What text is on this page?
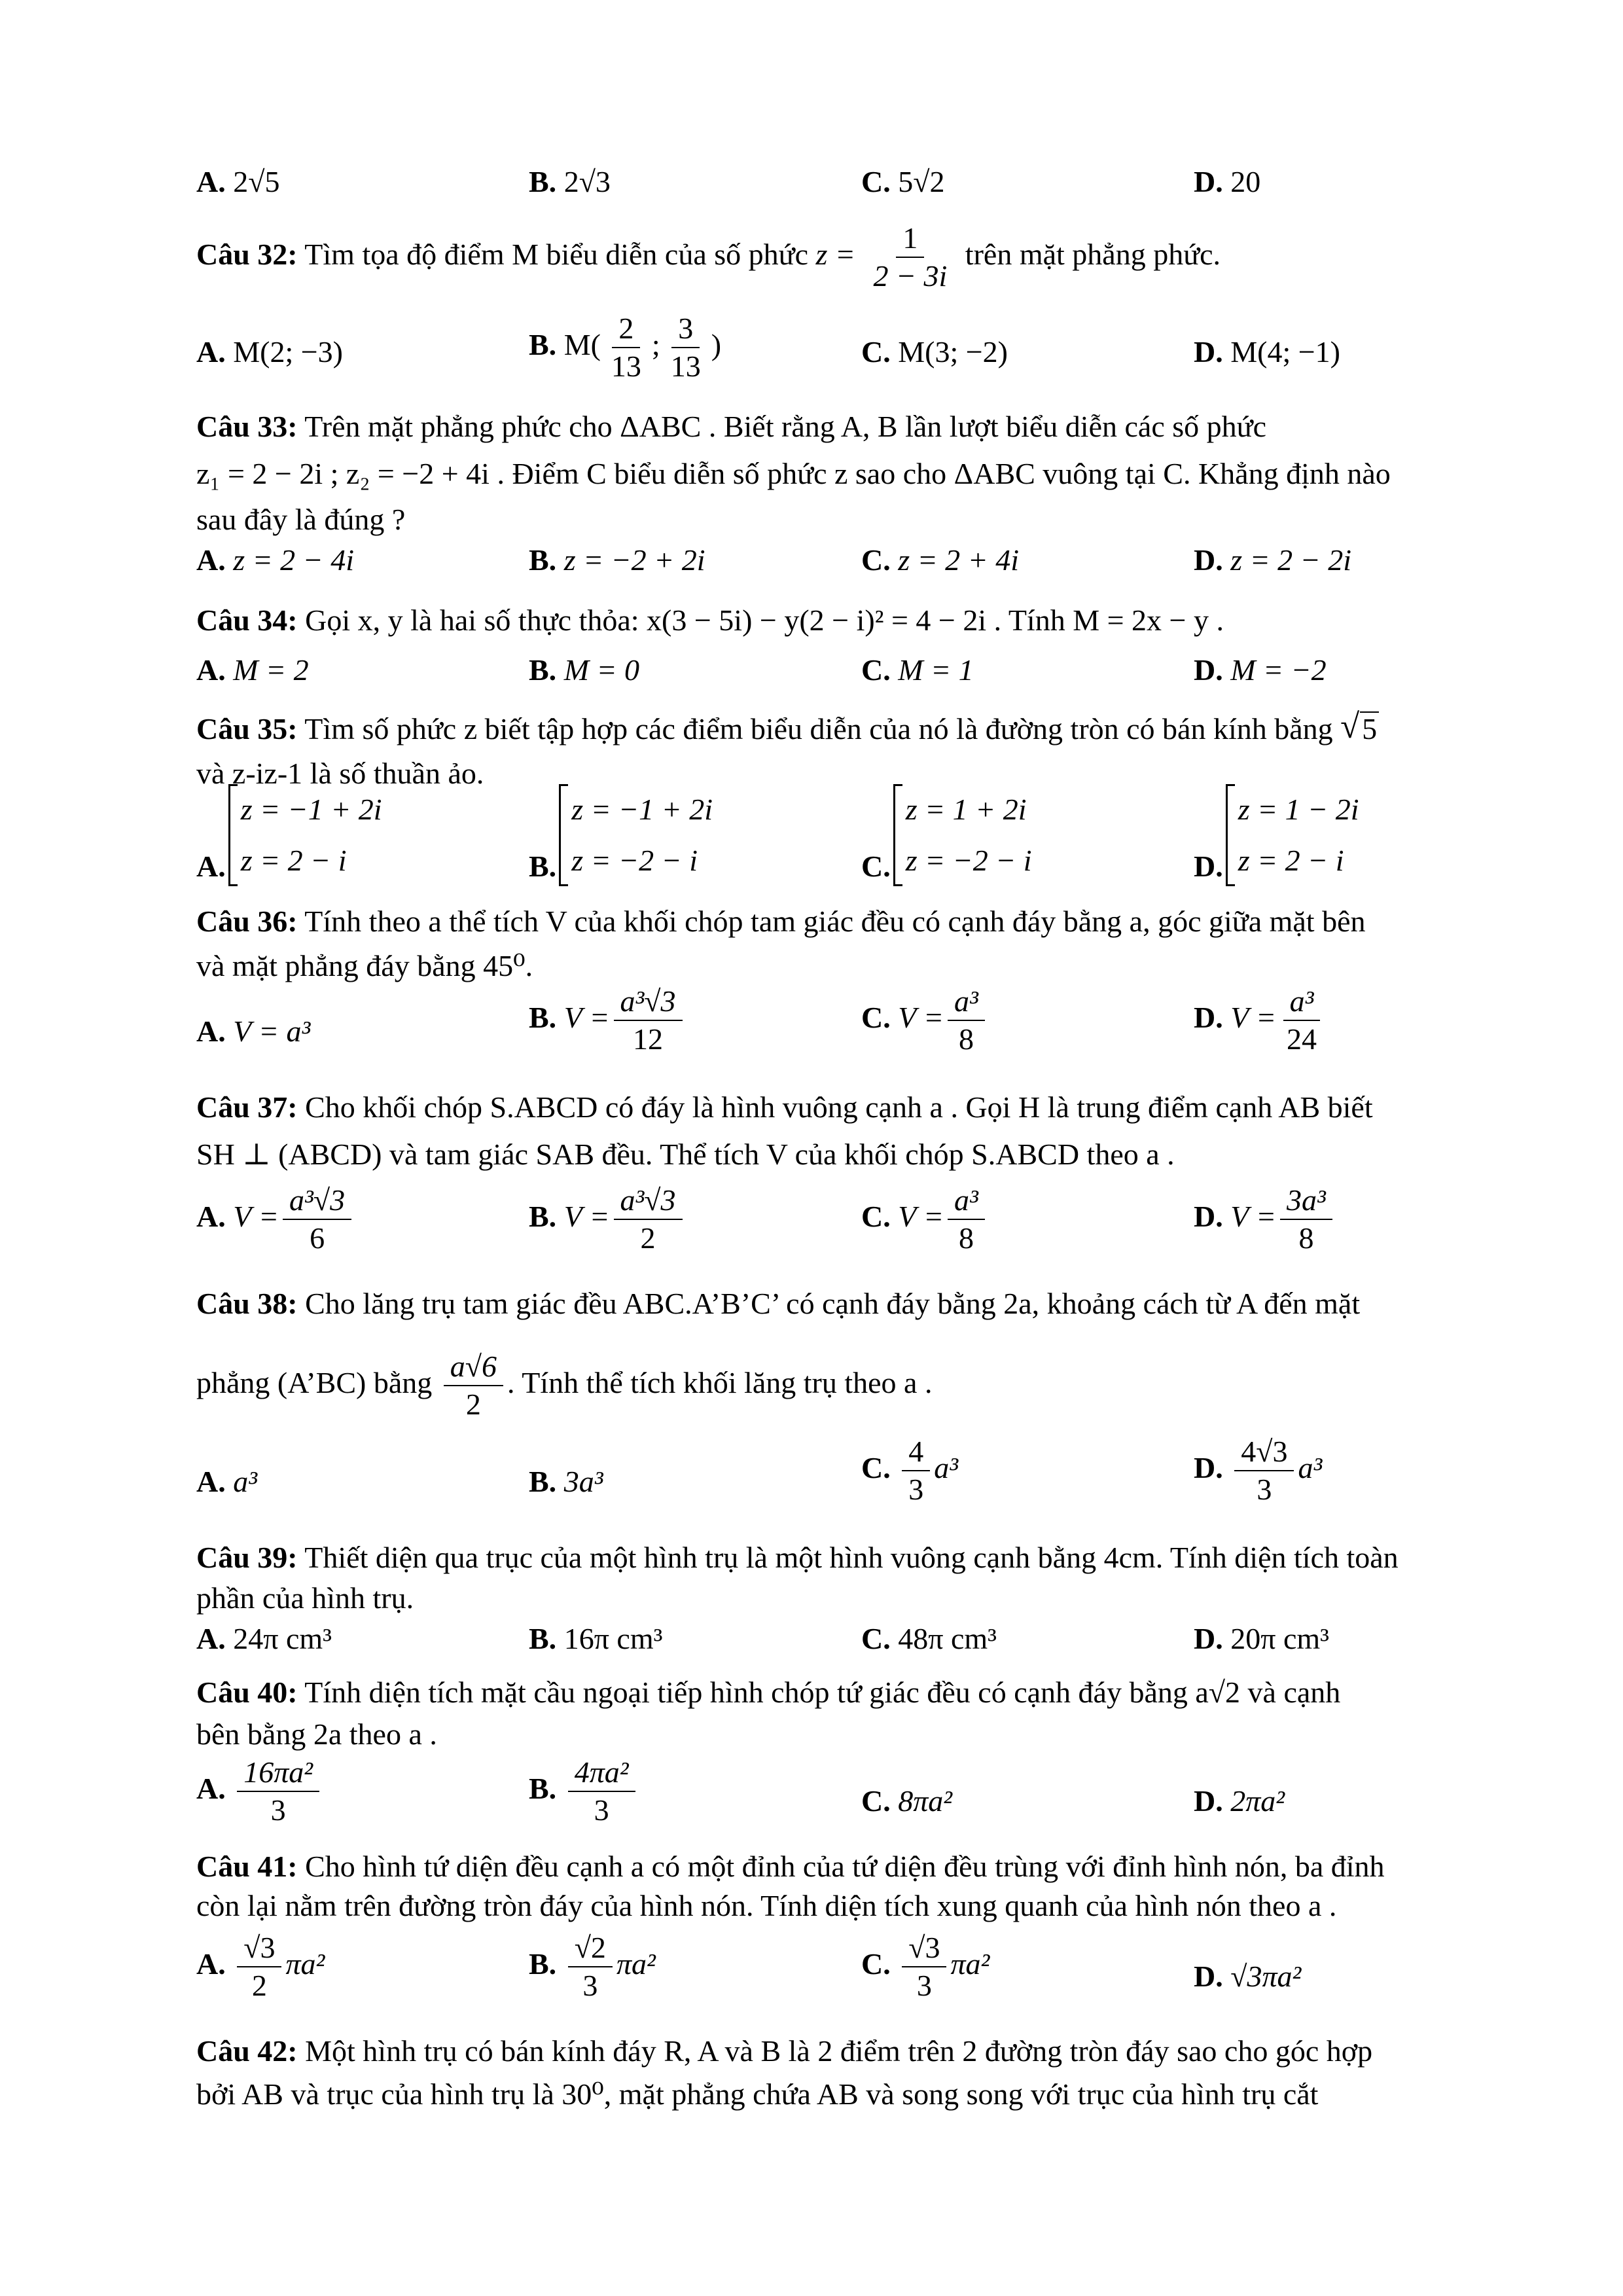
A. 2√5	B. 2√3	C. 5√2	D. 20
Câu 32: Tìm tọa độ điểm M biểu diễn của số phức $z = \frac{1}{2 - 3i}$ trên mặt phẳng phức.
A. M(2; −3)	B. $M( \frac{2}{13}$ ; $\frac{3}{13}$ )	C. M(3; −2)	D. M(4; −1)
Câu 33: Trên mặt phẳng phức cho ΔABC . Biết rằng A, B lần lượt biểu diễn các số phức
z₁ = 2 − 2i ; z₂ = −2 + 4i . Điểm C biểu diễn số phức z sao cho ΔABC vuông tại C. Khẳng định nào
sau đây là đúng ?
A. z = 2 − 4i	B. z = −2 + 2i	C. z = 2 + 4i	D. z = 2 − 2i
Câu 34: Gọi x, y là hai số thực thỏa: x(3 − 5i) − y(2 − i)² = 4 − 2i . Tính M = 2x − y .
A. M = 2	B. M = 0	C. M = 1	D. M = −2
Câu 35: Tìm số phức z biết tập hợp các điểm biểu diễn của nó là đường tròn có bán kính bằng √ 5
và z-iz-1 là số thuần ảo.
A.
z = −1 + 2i
z = 2 − i	B.
z = −1 + 2i
z = −2 − i	C.
z = 1 + 2i
z = −2 − i	D.
z = 1 − 2i
z = 2 − i
Câu 36: Tính theo a thể tích V của khối chóp tam giác đều có cạnh đáy bằng a, góc giữa mặt bên
và mặt phẳng đáy bằng 45⁰.
A. V = a³	B. $V = \frac{\text{a³√3}}{12}$	C. $V = \frac{\text{a³}}{8}$	D. $V = \frac{\text{a³}}{24}$
Câu 37: Cho khối chóp S.ABCD có đáy là hình vuông cạnh a . Gọi H là trung điểm cạnh AB biết
SH ⊥ (ABCD) và tam giác SAB đều. Thể tích V của khối chóp S.ABCD theo a .
A. $V = \frac{\text{a³√3}}{6}$	B. $V = \frac{\text{a³√3}}{2}$	C. $V = \frac{\text{a³}}{8}$	D. $V = \frac{\text{3a³}}{8}$
Câu 38: Cho lăng trụ tam giác đều ABC.A’B’C’ có cạnh đáy bằng 2a, khoảng cách từ A đến mặt
phẳng (A’BC) bằng $\frac{a√6}{2}$ . Tính thể tích khối lăng trụ theo a .
A. a³	B. 3a³	C. $\frac{4}{3} a^3$	D. $\frac{4√3}{3} a^3$
Câu 39: Thiết diện qua trục của một hình trụ là một hình vuông cạnh bằng 4cm. Tính diện tích toàn
phần của hình trụ.
A. 24π cm³	B. 16π cm³	C. 48π cm³	D. 20π cm³
Câu 40: Tính diện tích mặt cầu ngoại tiếp hình chóp tứ giác đều có cạnh đáy bằng a√2 và cạnh
bên bằng 2a theo a .
A. $\frac{\text{16πa²}}{3}$	B. $\frac{\text{4πa²}}{3}$	C. 8πa²	D. 2πa²
Câu 41: Cho hình tứ diện đều cạnh a có một đỉnh của tứ diện đều trùng với đỉnh hình nón, ba đỉnh
còn lại nằm trên đường tròn đáy của hình nón. Tính diện tích xung quanh của hình nón theo a .
A. $\frac{√3}{2} \pi a^2$	B. $\frac{√2}{3} \pi a^2$	C. $\frac{√3}{3} \pi a^2$	D. √3πa²
Câu 42: Một hình trụ có bán kính đáy R, A và B là 2 điểm trên 2 đường tròn đáy sao cho góc hợp
bởi AB và trục của hình trụ là 30⁰, mặt phẳng chứa AB và song song với trục của hình trụ cắt
